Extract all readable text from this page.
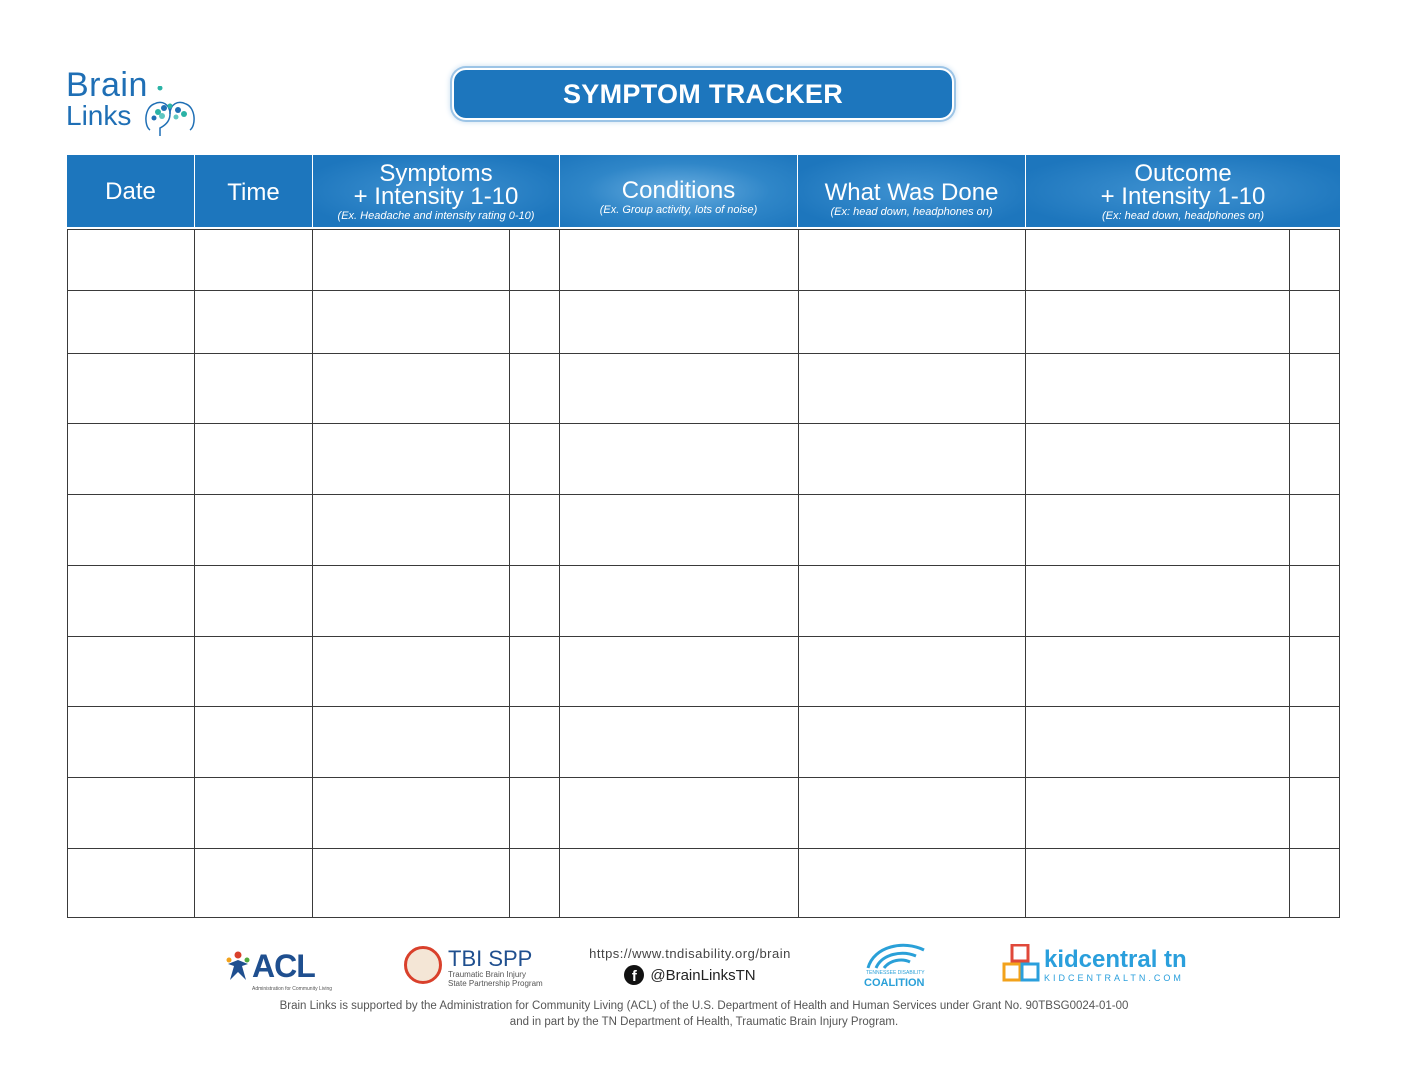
Brain
Links
SYMPTOM TRACKER
Date	Time
Symptoms
+ Intensity 1-10
(Ex. Headache and intensity rating 0-10)
Conditions
(Ex. Group activity, lots of noise)
What Was Done
(Ex: head down, headphones on)
Outcome
+ Intensity 1-10
(Ex: head down, headphones on)
ACL
Administration for Community Living
TBI SPP
Traumatic Brain Injury
State Partnership Program
https://www.tndisability.org/brain
f @BrainLinksTN	TENNESSEE DISABILITY
COALITION
kidcentral tn
KIDCENTRALTN.COM
Brain Links is supported by the Administration for Community Living (ACL) of the U.S. Department of Health and Human Services under Grant No. 90TBSG0024-01-00
and in part by the TN Department of Health, Traumatic Brain Injury Program.
